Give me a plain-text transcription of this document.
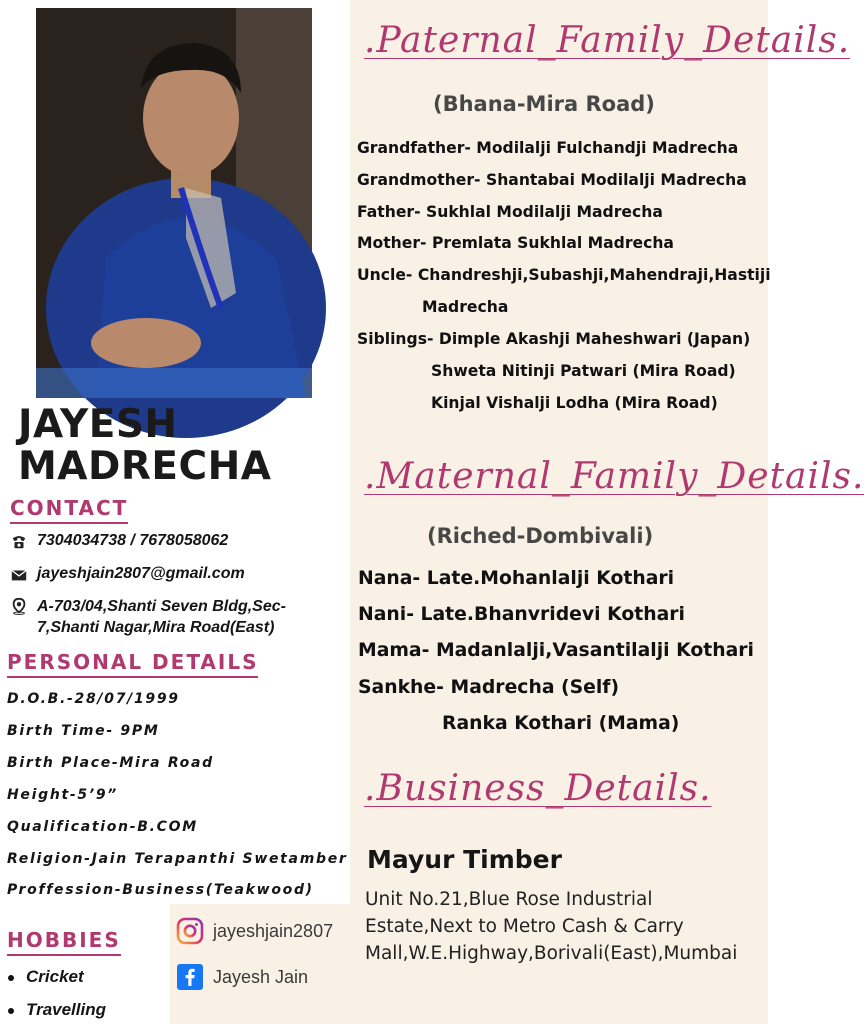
JAYESH
MADRECHA
CONTACT
7304034738 / 7678058062
jayeshjain2807@gmail.com
A-703/04,Shanti Seven Bldg,Sec-7,Shanti Nagar,Mira Road(East)
PERSONAL DETAILS
D.O.B.-28/07/1999
Birth Time- 9PM
Birth Place-Mira Road
Height-5’9”
Qualification-B.COM
Religion-Jain Terapanthi Swetamber
Proffession-Business(Teakwood)
HOBBIES
Cricket
Travelling
jayeshjain2807
Jayesh Jain
.Paternal_Family_Details.
(Bhana-Mira Road)
Grandfather- Modilalji Fulchandji Madrecha
Grandmother- Shantabai Modilalji Madrecha
Father- Sukhlal Modilalji Madrecha
Mother- Premlata Sukhlal Madrecha
Uncle- Chandreshji,Subashji,Mahendraji,Hastiji
Madrecha
Siblings- Dimple Akashji Maheshwari (Japan)
Shweta Nitinji Patwari (Mira Road)
Kinjal Vishalji Lodha (Mira Road)
.Maternal_Family_Details.
(Riched-Dombivali)
Nana- Late.Mohanlalji Kothari
Nani- Late.Bhanvridevi Kothari
Mama- Madanlalji,Vasantilalji Kothari
Sankhe- Madrecha (Self)
Ranka Kothari (Mama)
.Business_Details.
Mayur Timber
Unit No.21,Blue Rose Industrial Estate,Next to Metro Cash & Carry Mall,W.E.Highway,Borivali(East),Mumbai
